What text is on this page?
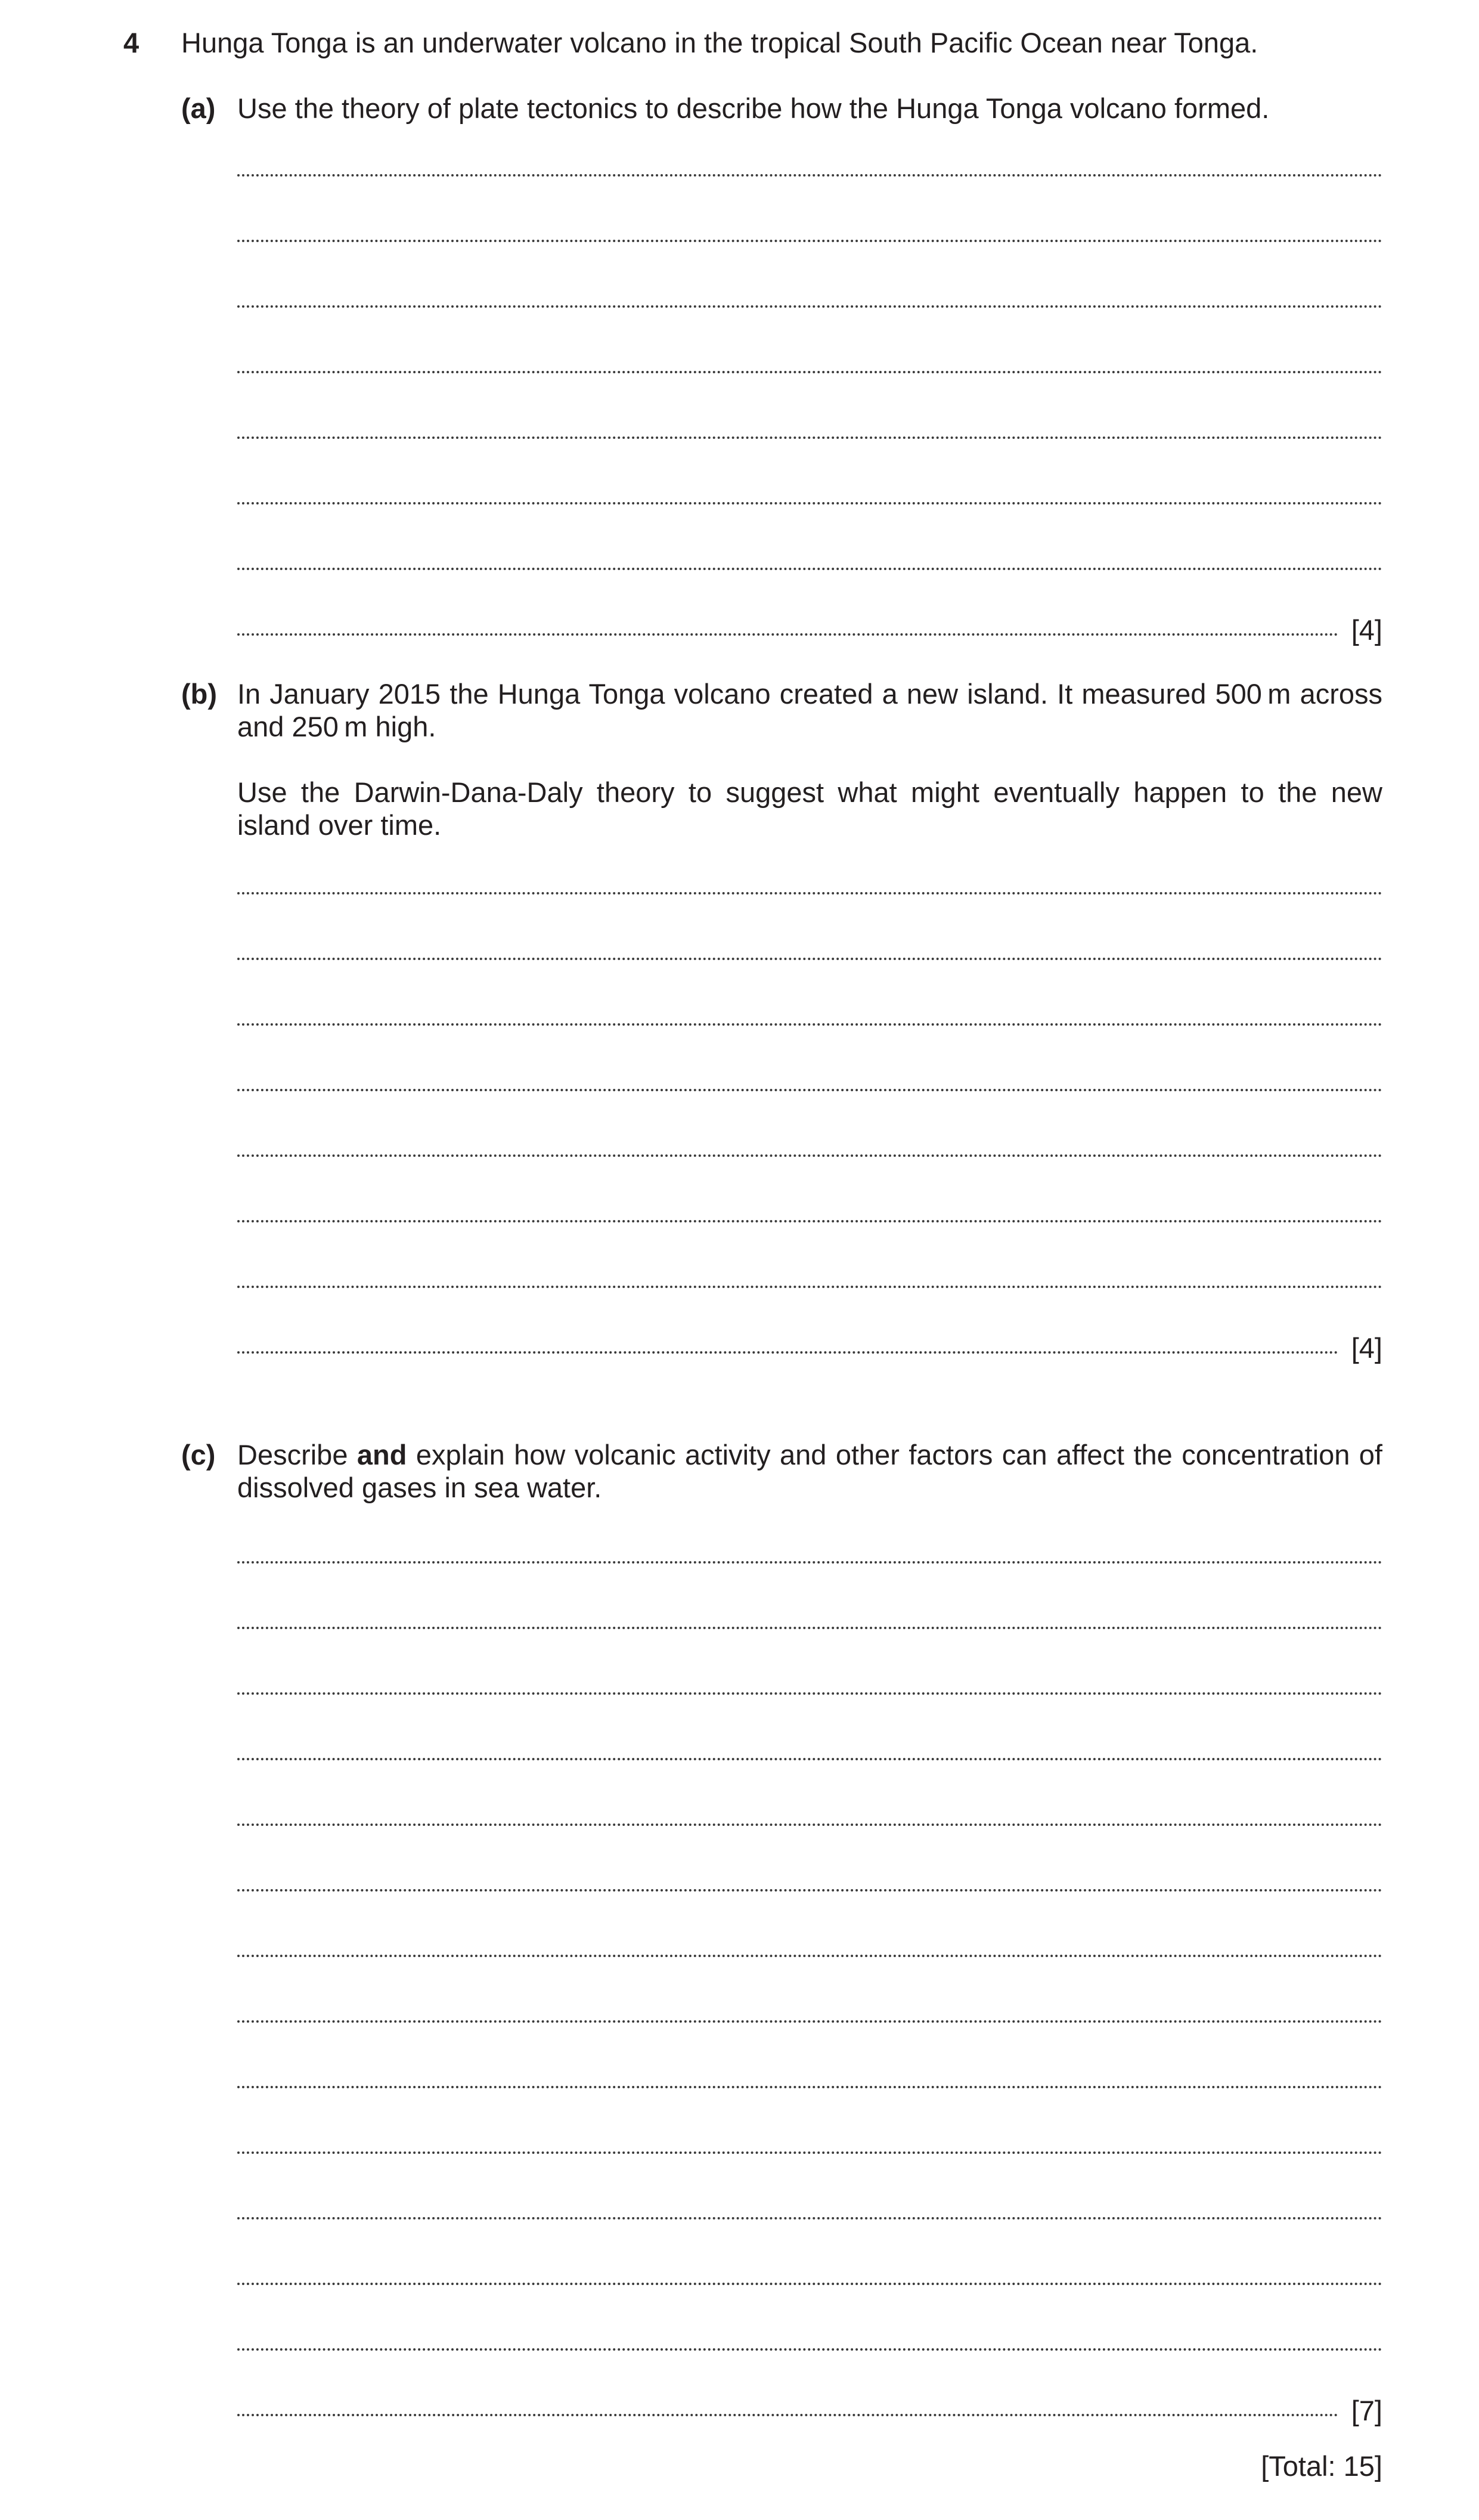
4 Hunga Tonga is an underwater volcano in the tropical South Pacific Ocean near Tonga.
(a) Use the theory of plate tectonics to describe how the Hunga Tonga volcano formed.
[4]
(b) In January 2015 the Hunga Tonga volcano created a new island. It measured 500 m across and 250 m high.

Use the Darwin-Dana-Daly theory to suggest what might eventually happen to the new island over time.

[4]
(c) Describe and explain how volcanic activity and other factors can affect the concentration of dissolved gases in sea water.
[7]
[Total: 15]
